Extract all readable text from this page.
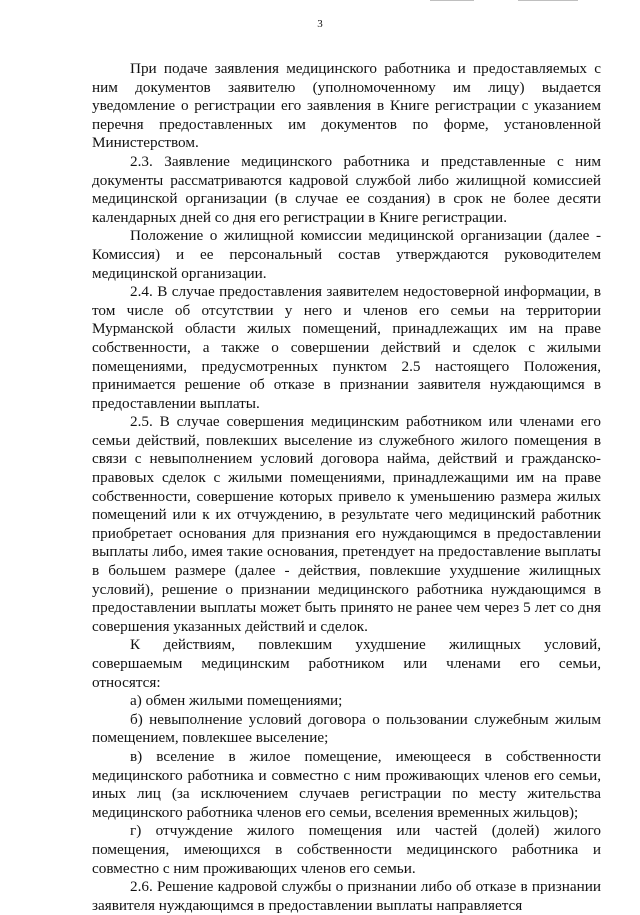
3

При подаче заявления медицинского работника и предоставляемых с ним документов заявителю (уполномоченному им лицу) выдается уведомление о регистрации его заявления в Книге регистрации с указанием перечня предоставленных им документов по форме, установленной Министерством.

2.3. Заявление медицинского работника и представленные с ним документы рассматриваются кадровой службой либо жилищной комиссией медицинской организации (в случае ее создания) в срок не более десяти календарных дней со дня его регистрации в Книге регистрации.

Положение о жилищной комиссии медицинской организации (далее - Комиссия) и ее персональный состав утверждаются руководителем медицинской организации.

2.4. В случае предоставления заявителем недостоверной информации, в том числе об отсутствии у него и членов его семьи на территории Мурманской области жилых помещений, принадлежащих им на праве собственности, а также о совершении действий и сделок с жилыми помещениями, предусмотренных пунктом 2.5 настоящего Положения, принимается решение об отказе в признании заявителя нуждающимся в предоставлении выплаты.

2.5. В случае совершения медицинским работником или членами его семьи действий, повлекших выселение из служебного жилого помещения в связи с невыполнением условий договора найма, действий и гражданско-правовых сделок с жилыми помещениями, принадлежащими им на праве собственности, совершение которых привело к уменьшению размера жилых помещений или к их отчуждению, в результате чего медицинский работник приобретает основания для признания его нуждающимся в предоставлении выплаты либо, имея такие основания, претендует на предоставление выплаты в большем размере (далее - действия, повлекшие ухудшение жилищных условий), решение о признании медицинского работника нуждающимся в предоставлении выплаты может быть принято не ранее чем через 5 лет со дня совершения указанных действий и сделок.

К действиям, повлекшим ухудшение жилищных условий, совершаемым медицинским работником или членами его семьи, относятся:

а) обмен жилыми помещениями;

б) невыполнение условий договора о пользовании служебным жилым помещением, повлекшее выселение;

в) вселение в жилое помещение, имеющееся в собственности медицинского работника и совместно с ним проживающих членов его семьи, иных лиц (за исключением случаев регистрации по месту жительства медицинского работника членов его семьи, вселения временных жильцов);

г) отчуждение жилого помещения или частей (долей) жилого помещения, имеющихся в собственности медицинского работника и совместно с ним проживающих членов его семьи.

2.6. Решение кадровой службы о признании либо об отказе в признании заявителя нуждающимся в предоставлении выплаты направляется
